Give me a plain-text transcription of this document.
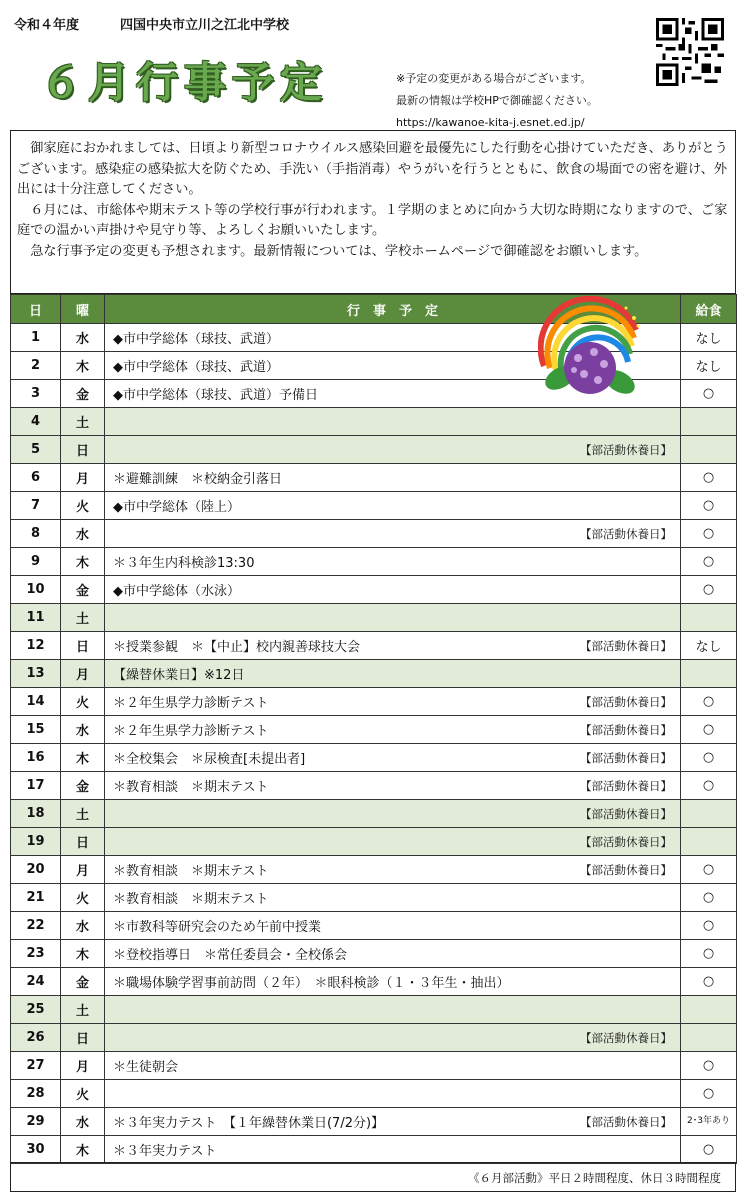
令和４年度	四国中央市立川之江北中学校
６月行事予定	※予定の変更がある場合がございます。
最新の情報は学校HPで御確認ください。
https://kawanoe-kita-j.esnet.ed.jp/

御家庭におかれましては、日頃より新型コロナウイルス感染回避を最優先にした行動を心掛けていただき、ありがとうございます。感染症の感染拡大を防ぐため、手洗い（手指消毒）やうがいを行うとともに、飲食の場面での密を避け、外出には十分注意してください。

６月には、市総体や期末テスト等の学校行事が行われます。１学期のまとめに向かう大切な時期になりますので、ご家庭での温かい声掛けや見守り等、よろしくお願いいたします。

急な行事予定の変更も予想されます。最新情報については、学校ホームページで御確認をお願いします。

日	曜	行　事　予　定	給食
1	水	◆市中学総体（球技、武道）	なし
2	木	◆市中学総体（球技、武道）	なし
3	金	◆市中学総体（球技、武道）予備日	○
4	土	

5	日	【部活動休養日】	

6	月	＊避難訓練　＊校納金引落日	○
7	火	◆市中学総体（陸上）	○
8	水	【部活動休養日】	○
9	木	＊３年生内科検診13:30	○
10	金	◆市中学総体（水泳）	○
11	土	

12	日	＊授業参観　＊【中止】校内親善球技大会 【部活動休養日】	なし
13	月	【繰替休業日】※12日	

14	火	＊２年生県学力診断テスト 【部活動休養日】	○
15	水	＊２年生県学力診断テスト 【部活動休養日】	○
16	木	＊全校集会　＊尿検査[未提出者] 【部活動休養日】	○
17	金	＊教育相談　＊期末テスト 【部活動休養日】	○
18	土	【部活動休養日】	

19	日	【部活動休養日】	

20	月	＊教育相談　＊期末テスト 【部活動休養日】	○
21	火	＊教育相談　＊期末テスト	○
22	水	＊市教科等研究会のため午前中授業	○
23	木	＊登校指導日　＊常任委員会・全校係会	○
24	金	＊職場体験学習事前訪問（２年）　＊眼科検診（１・３年生・抽出）	○
25	土	

26	日	【部活動休養日】	

27	月	＊生徒朝会	○
28	火		○
29	水	＊３年実力テスト　【１年繰替休業日(7/2分)】 【部活動休養日】	2･3年あり

30	木	＊３年実力テスト	○
《６月部活動》平日２時間程度、休日３時間程度
